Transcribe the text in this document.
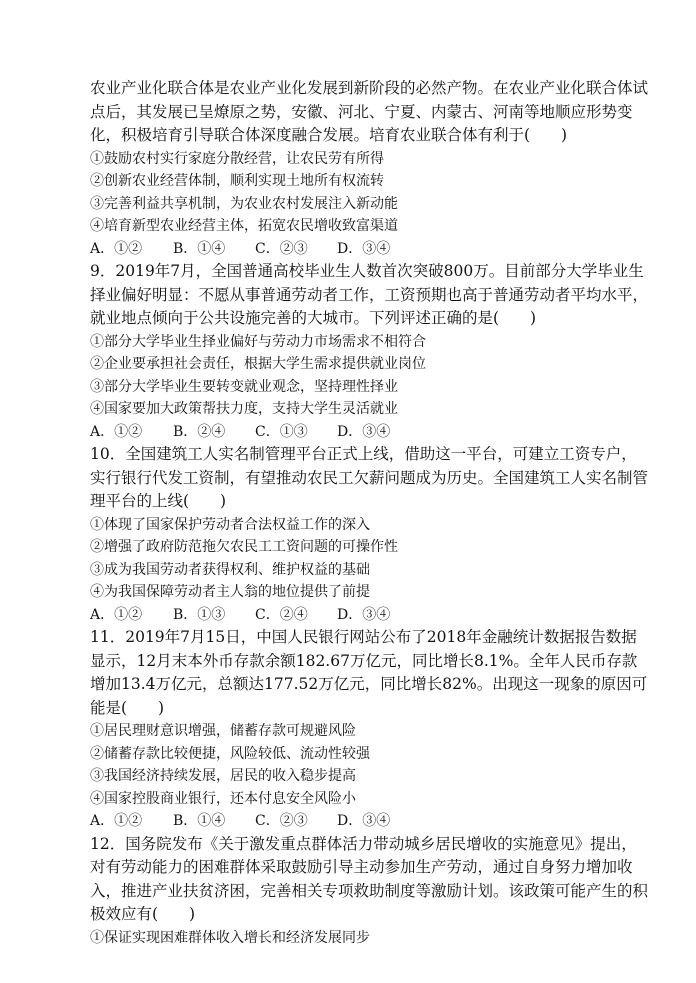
农业产业化联合体是农业产业化发展到新阶段的必然产物。在农业产业化联合体试点后，其发展已呈燎原之势，安徽、河北、宁夏、内蒙古、河南等地顺应形势变化，积极培育引导联合体深度融合发展。培育农业联合体有利于(　　)

①鼓励农村实行家庭分散经营，让农民劳有所得

②创新农业经营体制，顺利实现土地所有权流转

③完善利益共享机制，为农业农村发展注入新动能

④培育新型农业经营主体，拓宽农民增收致富渠道

A．①②	B．①④	C．②③	D．③④

9．2019年7月，全国普通高校毕业生人数首次突破800万。目前部分大学毕业生择业偏好明显：不愿从事普通劳动者工作，工资预期也高于普通劳动者平均水平，就业地点倾向于公共设施完善的大城市。下列评述正确的是(　　)

①部分大学毕业生择业偏好与劳动力市场需求不相符合

②企业要承担社会责任，根据大学生需求提供就业岗位

③部分大学毕业生要转变就业观念，坚持理性择业

④国家要加大政策帮扶力度，支持大学生灵活就业

A．①②	B．②④	C．①③	D．③④

10．全国建筑工人实名制管理平台正式上线，借助这一平台，可建立工资专户，实行银行代发工资制，有望推动农民工欠薪问题成为历史。全国建筑工人实名制管理平台的上线(　　)

①体现了国家保护劳动者合法权益工作的深入

②增强了政府防范拖欠农民工工资问题的可操作性

③成为我国劳动者获得权利、维护权益的基础

④为我国保障劳动者主人翁的地位提供了前提

A．①②	B．①③	C．②④	D．③④

11．2019年7月15日，中国人民银行网站公布了2018年金融统计数据报告数据显示，12月末本外币存款余额182.67万亿元，同比增长8.1%。全年人民币存款增加13.4万亿元，总额达177.52万亿元，同比增长82%。出现这一现象的原因可能是(　　)

①居民理财意识增强，储蓄存款可规避风险

②储蓄存款比较便捷，风险较低、流动性较强

③我国经济持续发展，居民的收入稳步提高

④国家控股商业银行，还本付息安全风险小

A．①②	B．①④	C．②③	D．③④

12．国务院发布《关于激发重点群体活力带动城乡居民增收的实施意见》提出，对有劳动能力的困难群体采取鼓励引导主动参加生产劳动，通过自身努力增加收入，推进产业扶贫济困，完善相关专项救助制度等激励计划。该政策可能产生的积极效应有(　　)

①保证实现困难群体收入增长和经济发展同步
